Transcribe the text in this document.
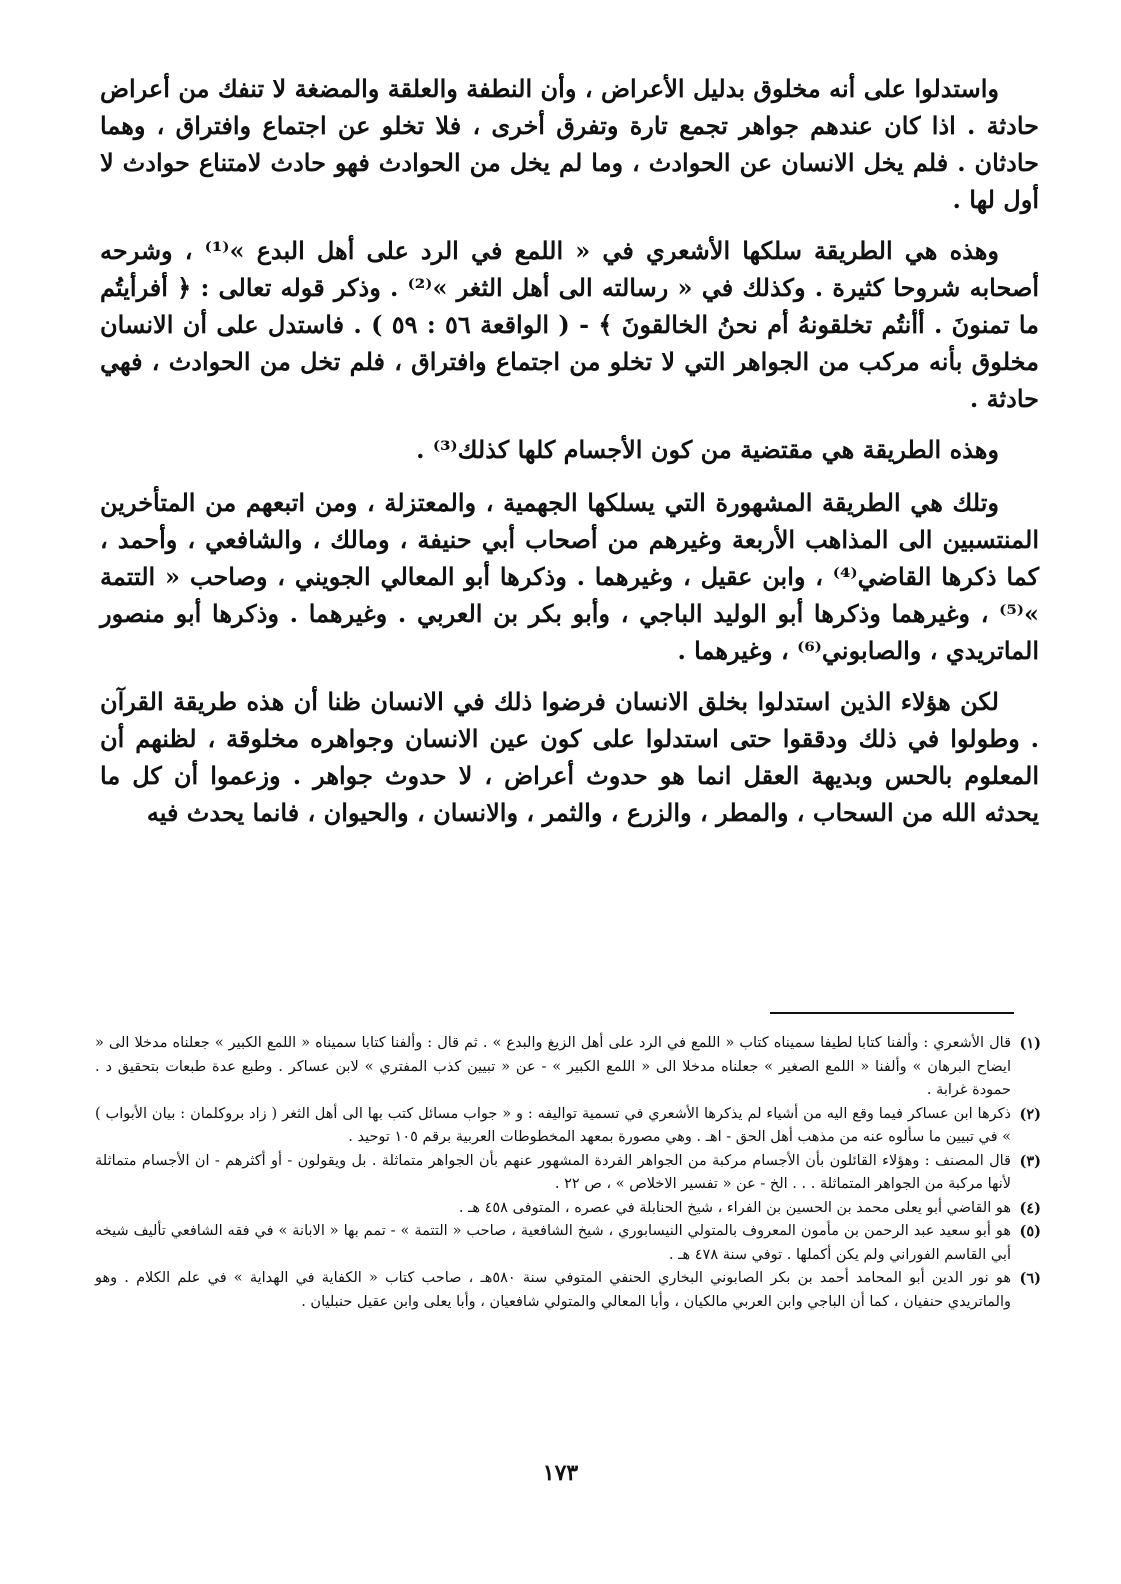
واستدلوا على أنه مخلوق بدليل الأعراض ، وأن النطفة والعلقة والمضغة لا تنفك من أعراض حادثة . اذا كان عندهم جواهر تجمع تارة وتفرق أخرى ، فلا تخلو عن اجتماع وافتراق ، وهما حادثان . فلم يخل الانسان عن الحوادث ، وما لم يخل من الحوادث فهو حادث لامتناع حوادث لا أول لها .

وهذه هي الطريقة سلكها الأشعري في « اللمع في الرد على أهل البدع »⁽¹⁾ ، وشرحه أصحابه شروحا كثيرة . وكذلك في « رسالته الى أهل الثغر »⁽²⁾ . وذكر قوله تعالى : ﴿ أفرأيتُم ما تمنونَ . أأنتُم تخلقونهُ أم نحنُ الخالقونَ ﴾ - ( الواقعة ٥٦ : ٥٩ ) . فاستدل على أن الانسان مخلوق بأنه مركب من الجواهر التي لا تخلو من اجتماع وافتراق ، فلم تخل من الحوادث ، فهي حادثة .

وهذه الطريقة هي مقتضية من كون الأجسام كلها كذلك⁽³⁾ .

وتلك هي الطريقة المشهورة التي يسلكها الجهمية ، والمعتزلة ، ومن اتبعهم من المتأخرين المنتسبين الى المذاهب الأربعة وغيرهم من أصحاب أبي حنيفة ، ومالك ، والشافعي ، وأحمد ، كما ذكرها القاضي⁽⁴⁾ ، وابن عقيل ، وغيرهما . وذكرها أبو المعالي الجويني ، وصاحب « التتمة »⁽⁵⁾ ، وغيرهما وذكرها أبو الوليد الباجي ، وأبو بكر بن العربي . وغيرهما . وذكرها أبو منصور الماتريدي ، والصابوني⁽⁶⁾ ، وغيرهما .

لكن هؤلاء الذين استدلوا بخلق الانسان فرضوا ذلك في الانسان ظنا أن هذه طريقة القرآن . وطولوا في ذلك ودققوا حتى استدلوا على كون عين الانسان وجواهره مخلوقة ، لظنهم أن المعلوم بالحس وبديهة العقل انما هو حدوث أعراض ، لا حدوث جواهر . وزعموا أن كل ما يحدثه الله من السحاب ، والمطر ، والزرع ، والثمر ، والانسان ، والحيوان ، فانما يحدث فيه

(١)
قال الأشعري : وألفنا كتابا لطيفا سميناه كتاب « اللمع في الرد على أهل الزيغ والبدع » . ثم قال : وألفنا كتابا سميناه « اللمع الكبير » جعلناه مدخلا الى « ايضاح البرهان » وألفنا « اللمع الصغير » جعلناه مدخلا الى « اللمع الكبير » - عن « تبيين كذب المفتري » لابن عساكر . وطبع عدة طبعات بتحقيق د . حمودة غرابة .
(٢)
ذكرها ابن عساكر فيما وقع اليه من أشياء لم يذكرها الأشعري في تسمية تواليفه : و « جواب مسائل كتب بها الى أهل الثغر ( زاد بروكلمان : بيان الأبواب ) » في تبيين ما سألوه عنه من مذهب أهل الحق - اهـ . وهي مصورة بمعهد المخطوطات العربية برقم ١٠٥ توحيد .
(٣)
قال المصنف : وهؤلاء القائلون بأن الأجسام مركبة من الجواهر الفردة المشهور عنهم بأن الجواهر متماثلة . بل ويقولون - أو أكثرهم - ان الأجسام متماثلة لأنها مركبة من الجواهر المتماثلة . . . الخ - عن « تفسير الاخلاص » ، ص ٢٢ .
(٤)
هو القاضي أبو يعلى محمد بن الحسين بن الفراء ، شيخ الحنابلة في عصره ، المتوفى ٤٥٨ هـ .
(٥)
هو أبو سعيد عبد الرحمن بن مأمون المعروف بالمتولي النيسابوري ، شيخ الشافعية ، صاحب « التتمة » - تمم بها « الابانة » في فقه الشافعي تأليف شيخه أبي القاسم الفوراني ولم يكن أكملها . توفي سنة ٤٧٨ هـ .
(٦)
هو نور الدين أبو المحامد أحمد بن بكر الصابوني البخاري الحنفي المتوفي سنة ٥٨٠هـ ، صاحب كتاب « الكفاية في الهداية » في علم الكلام . وهو والماتريدي حنفيان ، كما أن الباجي وابن العربي مالكيان ، وأبا المعالي والمتولي شافعيان ، وأبا يعلى وابن عقيل حنبليان .
١٧٣
